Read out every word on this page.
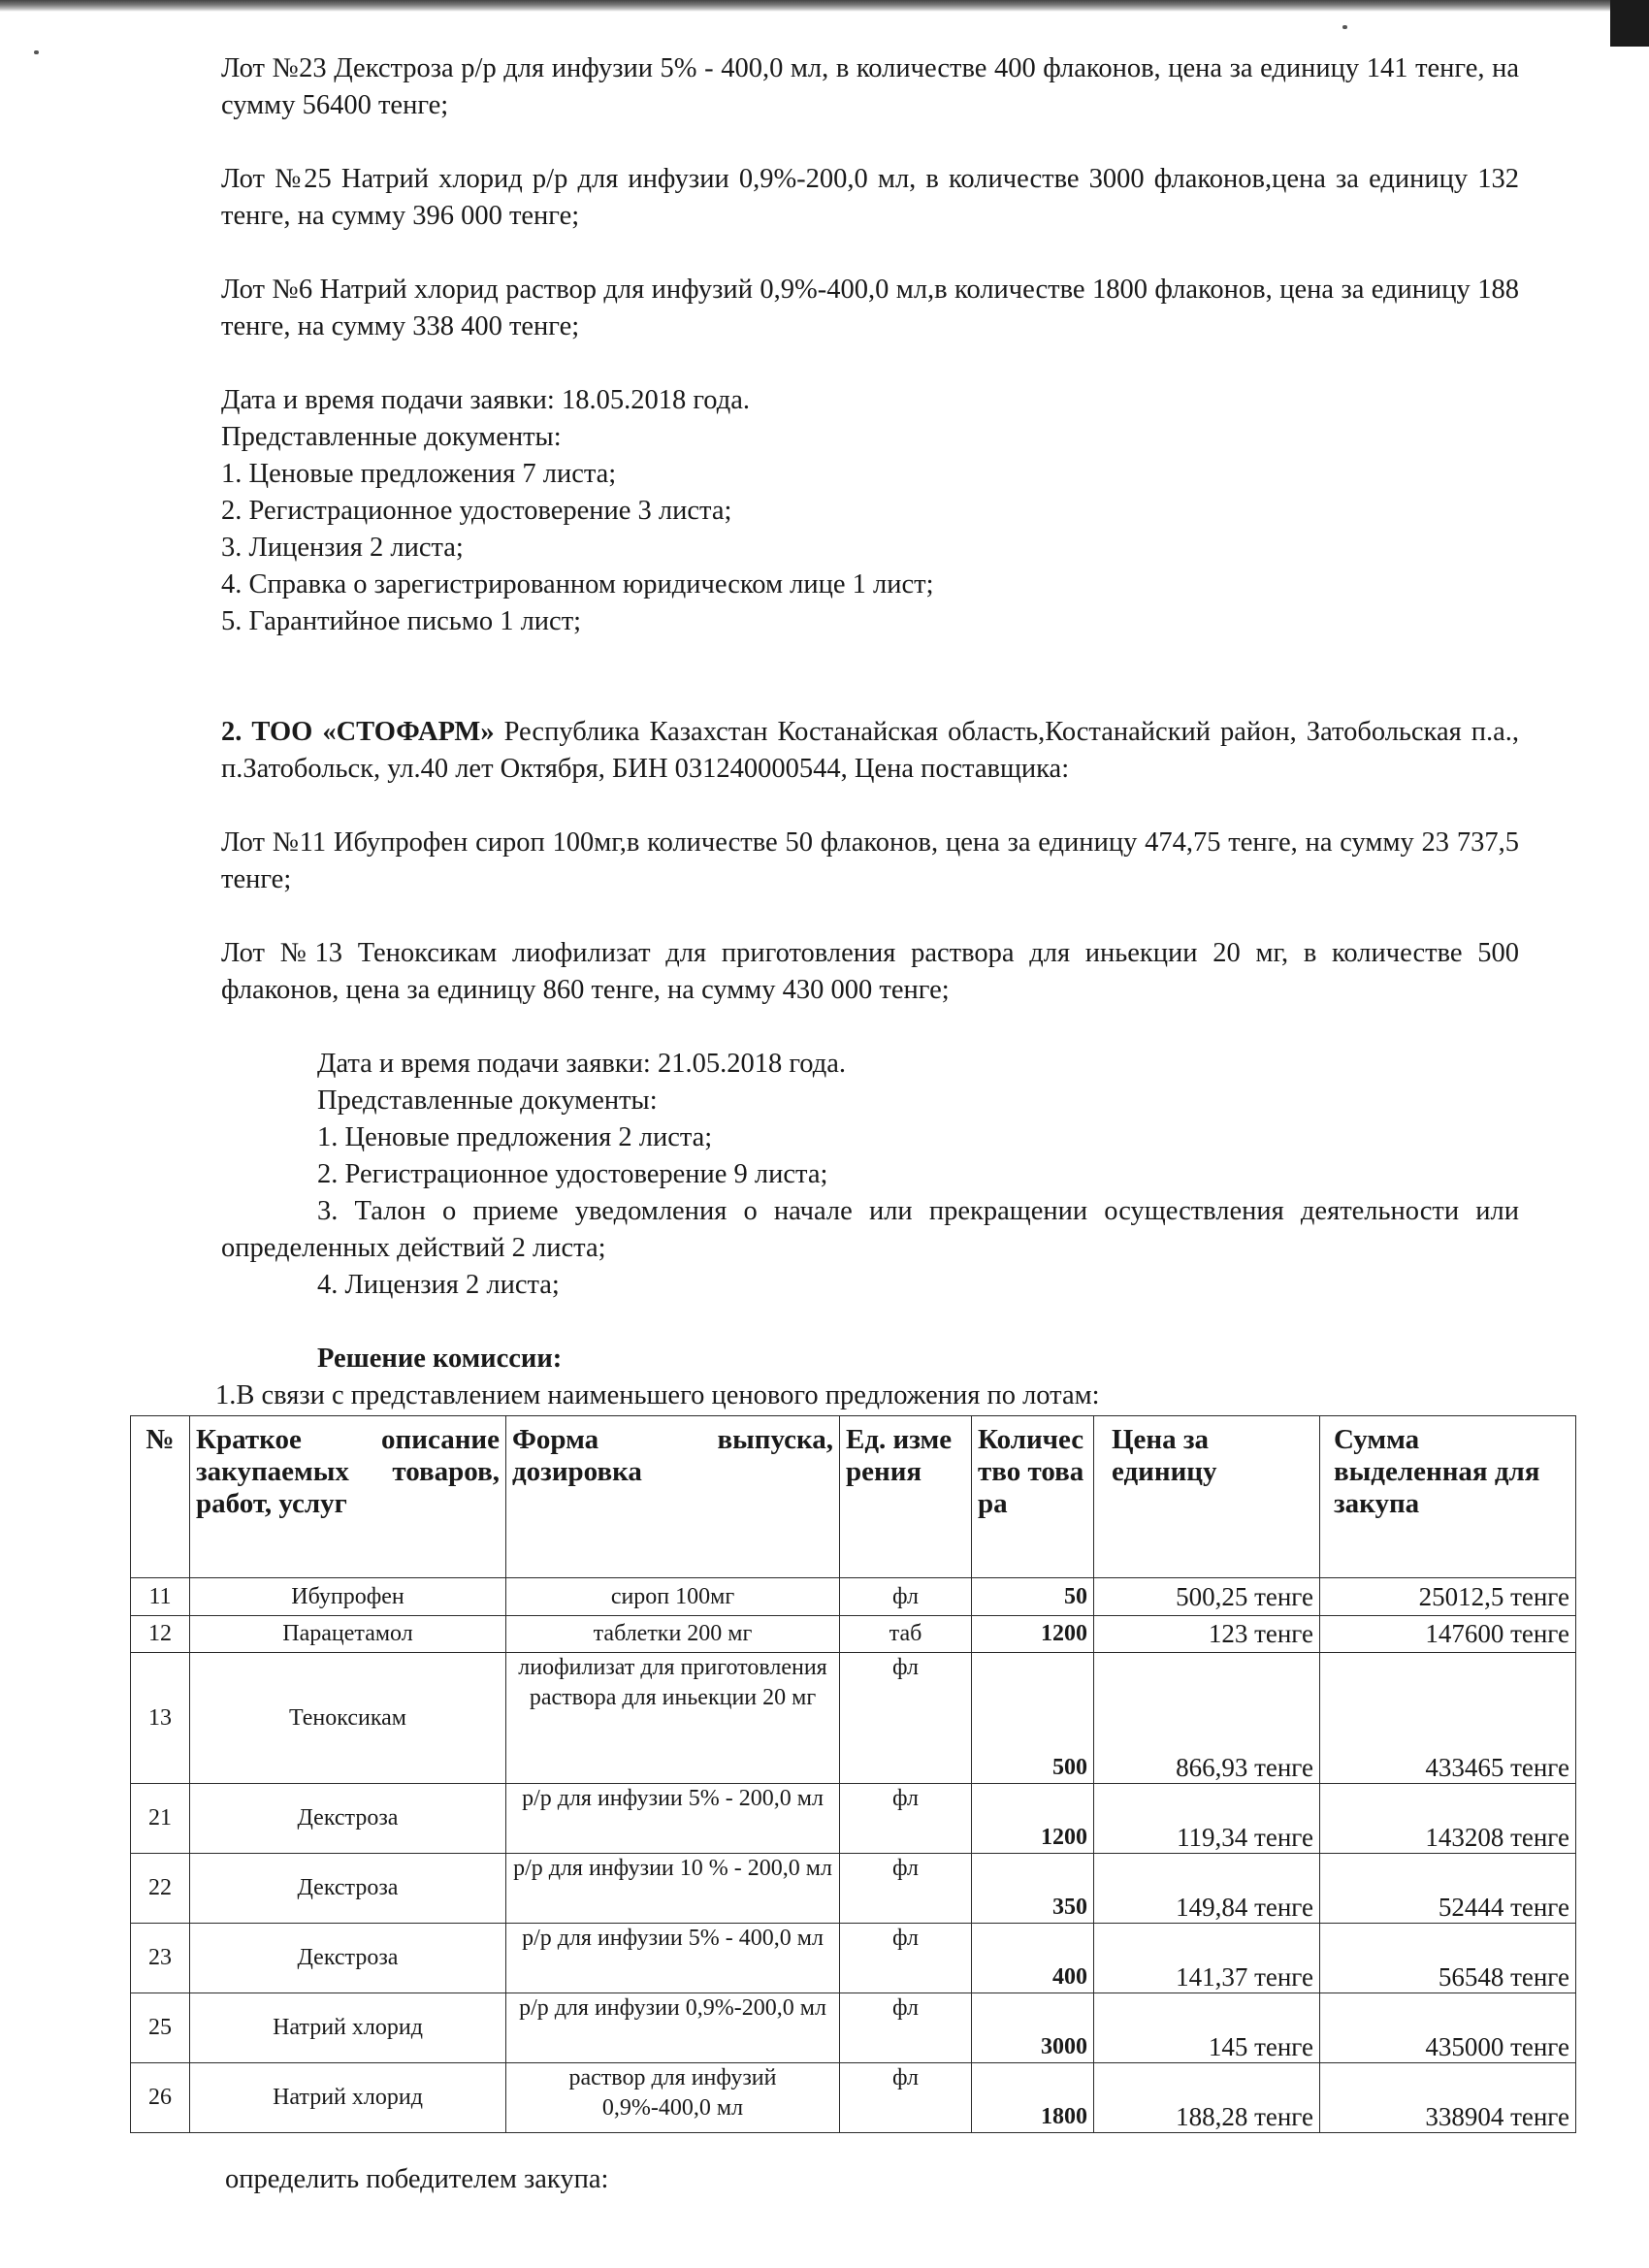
Лот №23 Декстроза р/р для инфузии 5% - 400,0 мл, в количестве 400 флаконов, цена за единицу 141 тенге, на сумму 56400 тенге;

Лот №25 Натрий хлорид р/р для инфузии 0,9%-200,0 мл, в количестве 3000 флаконов,цена за единицу 132 тенге, на сумму 396 000 тенге;

Лот №6 Натрий хлорид раствор для инфузий 0,9%-400,0 мл,в количестве 1800 флаконов, цена за единицу 188 тенге, на сумму 338 400 тенге;

Дата и время подачи заявки: 18.05.2018 года.

Представленные документы:

1. Ценовые предложения 7 листа;
2. Регистрационное удостоверение 3 листа;
3. Лицензия 2 листа;
4. Справка о зарегистрированном юридическом лице 1 лист;
5. Гарантийное письмо 1 лист;

2. ТОО «СТОФАРМ» Республика Казахстан Костанайская область,Костанайский район, Затобольская п.а., п.Затобольск, ул.40 лет Октября, БИН 031240000544, Цена поставщика:

Лот №11 Ибупрофен сироп 100мг,в количестве 50 флаконов, цена за единицу 474,75 тенге, на сумму 23 737,5 тенге;

Лот №13 Теноксикам лиофилизат для приготовления раствора для иньекции 20 мг, в количестве 500 флаконов, цена за единицу 860 тенге, на сумму 430 000 тенге;

Дата и время подачи заявки: 21.05.2018 года.

Представленные документы:

1. Ценовые предложения 2 листа;
2. Регистрационное удостоверение 9 листа;

3. Талон о приеме уведомления о начале или прекращении осуществления деятельности или определенных действий 2 листа;

4. Лицензия 2 листа;

Решение комиссии:

1.В связи с представлением наименьшего ценового предложения по лотам:

№	Краткое описание закупаемых товаров, работ, услуг	Форма выпуска, дозировка	Ед. измерения	Количество товара	Цена за единицу	Сумма выделенная для закупа
11	Ибупрофен	сироп 100мг	фл	50	500,25 тенге	25012,5 тенге
12	Парацетамол	таблетки 200 мг	таб	1200	123 тенге	147600 тенге
13	Теноксикам	лиофилизат для приготовления раствора для иньекции 20 мг	фл	500	866,93 тенге	433465 тенге
21	Декстроза	р/р для инфузии 5% - 200,0 мл	фл	1200	119,34 тенге	143208 тенге
22	Декстроза	р/р для инфузии 10 % - 200,0 мл	фл	350	149,84 тенге	52444 тенге
23	Декстроза	р/р для инфузии 5% - 400,0 мл	фл	400	141,37 тенге	56548 тенге
25	Натрий хлорид	р/р для инфузии 0,9%-200,0 мл	фл	3000	145 тенге	435000 тенге
26	Натрий хлорид	раствор для инфузий 0,9%-400,0 мл	фл	1800	188,28 тенге	338904 тенге
определить победителем закупа:
